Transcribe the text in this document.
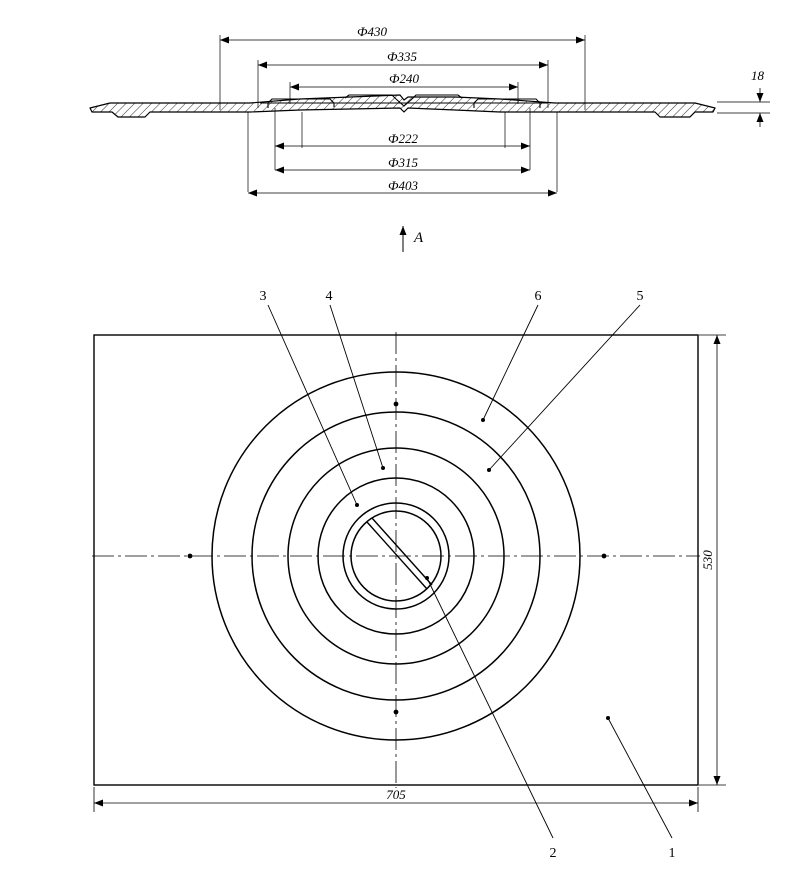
18
Ф430
Ф335
Ф240
Ф222
Ф315
Ф403
A
705
530
3	4	6	5
2	1
